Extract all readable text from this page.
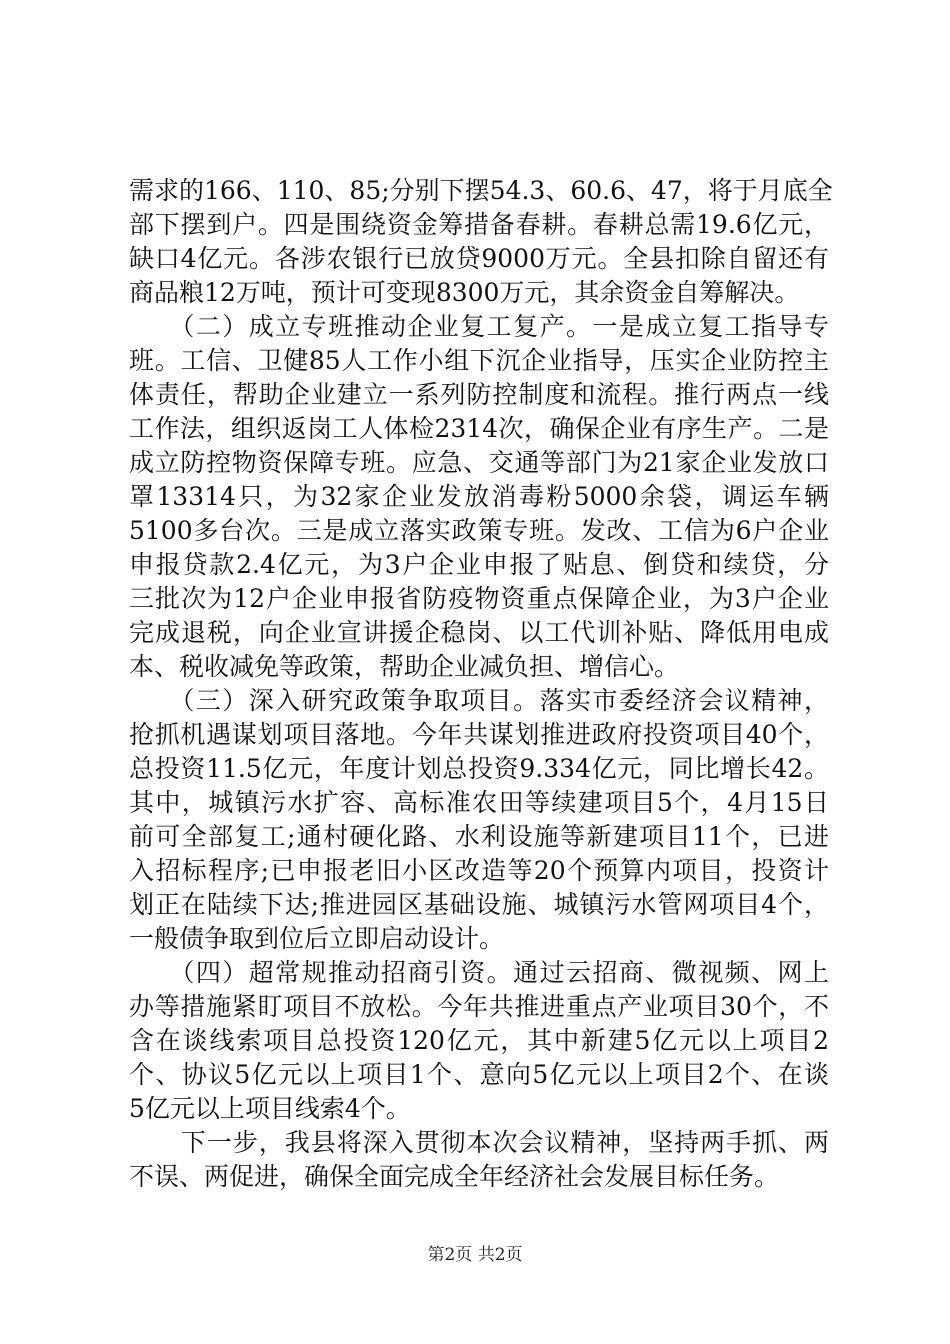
需求的166、110、85;分别下摆54.3、60.6、47，将于月底全
部下摆到户。四是围绕资金筹措备春耕。春耕总需19.6亿元，
缺口4亿元。各涉农银行已放贷9000万元。全县扣除自留还有
商品粮12万吨，预计可变现8300万元，其余资金自筹解决。
　　（二）成立专班推动企业复工复产。一是成立复工指导专
班。工信、卫健85人工作小组下沉企业指导，压实企业防控主
体责任，帮助企业建立一系列防控制度和流程。推行两点一线
工作法，组织返岗工人体检2314次，确保企业有序生产。二是
成立防控物资保障专班。应急、交通等部门为21家企业发放口
罩13314只，为32家企业发放消毒粉5000余袋，调运车辆
5100多台次。三是成立落实政策专班。发改、工信为6户企业
申报贷款2.4亿元，为3户企业申报了贴息、倒贷和续贷，分
三批次为12户企业申报省防疫物资重点保障企业，为3户企业
完成退税，向企业宣讲援企稳岗、以工代训补贴、降低用电成
本、税收减免等政策，帮助企业减负担、增信心。
　　（三）深入研究政策争取项目。落实市委经济会议精神，
抢抓机遇谋划项目落地。今年共谋划推进政府投资项目40个，
总投资11.5亿元，年度计划总投资9.334亿元，同比增长42。
其中，城镇污水扩容、高标准农田等续建项目5个，4月15日
前可全部复工;通村硬化路、水利设施等新建项目11个，已进
入招标程序;已申报老旧小区改造等20个预算内项目，投资计
划正在陆续下达;推进园区基础设施、城镇污水管网项目4个，
一般债争取到位后立即启动设计。
　　（四）超常规推动招商引资。通过云招商、微视频、网上
办等措施紧盯项目不放松。今年共推进重点产业项目30个，不
含在谈线索项目总投资120亿元，其中新建5亿元以上项目2
个、协议5亿元以上项目1个、意向5亿元以上项目2个、在谈
5亿元以上项目线索4个。
　　下一步，我县将深入贯彻本次会议精神，坚持两手抓、两
不误、两促进，确保全面完成全年经济社会发展目标任务。
第2页 共2页
